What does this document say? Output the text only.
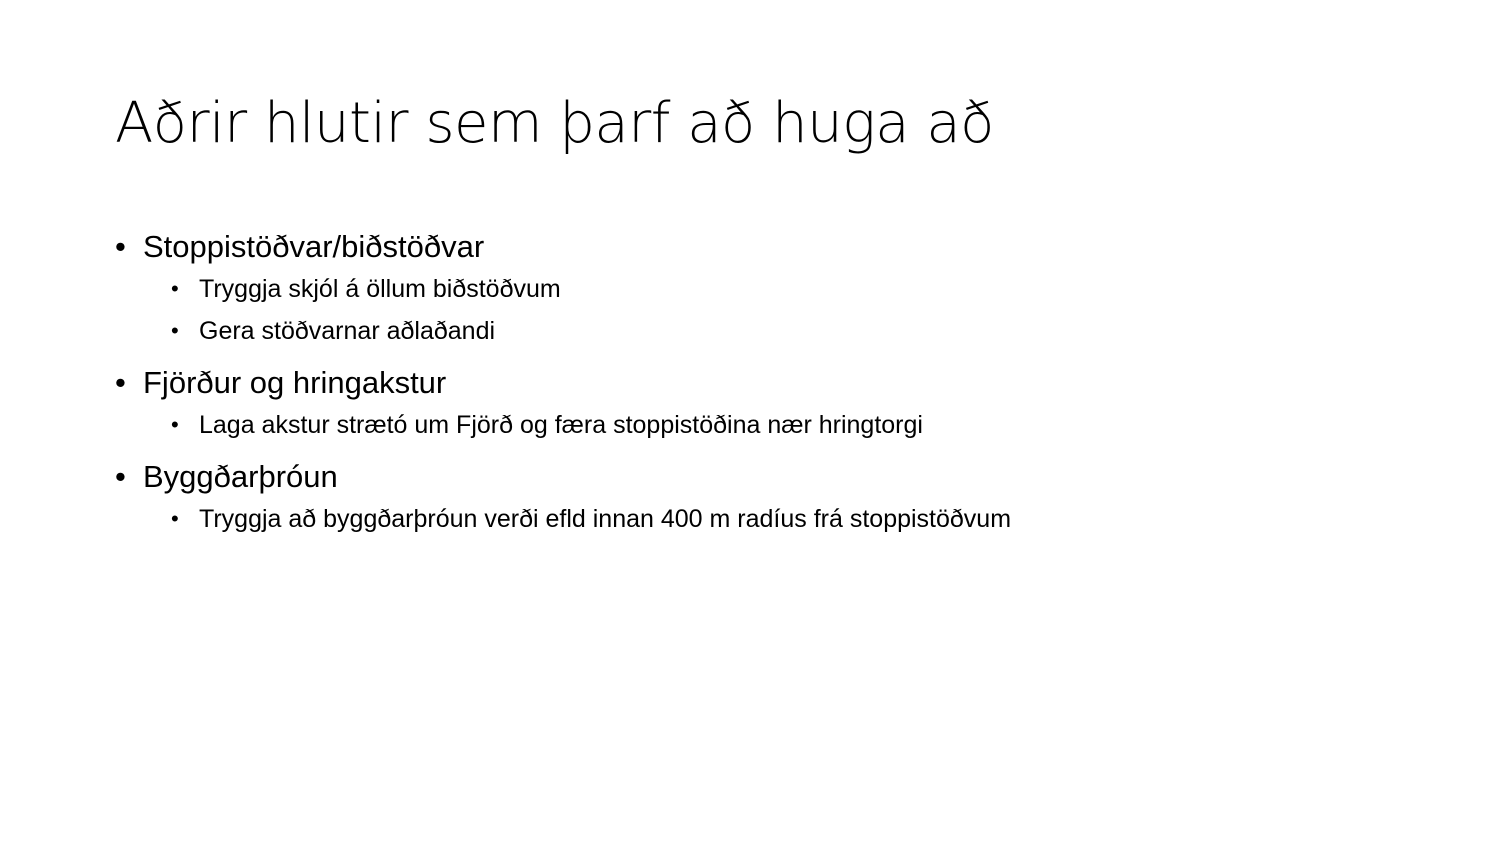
Aðrir hlutir sem þarf að huga að
• Stoppistöðvar/biðstöðvar
• Tryggja skjól á öllum biðstöðvum
• Gera stöðvarnar aðlaðandi
• Fjörður og hringakstur
• Laga akstur strætó um Fjörð og færa stoppistöðina nær hringtorgi
• Byggðarþróun
• Tryggja að byggðarþróun verði efld innan 400 m radíus frá stoppistöðvum
